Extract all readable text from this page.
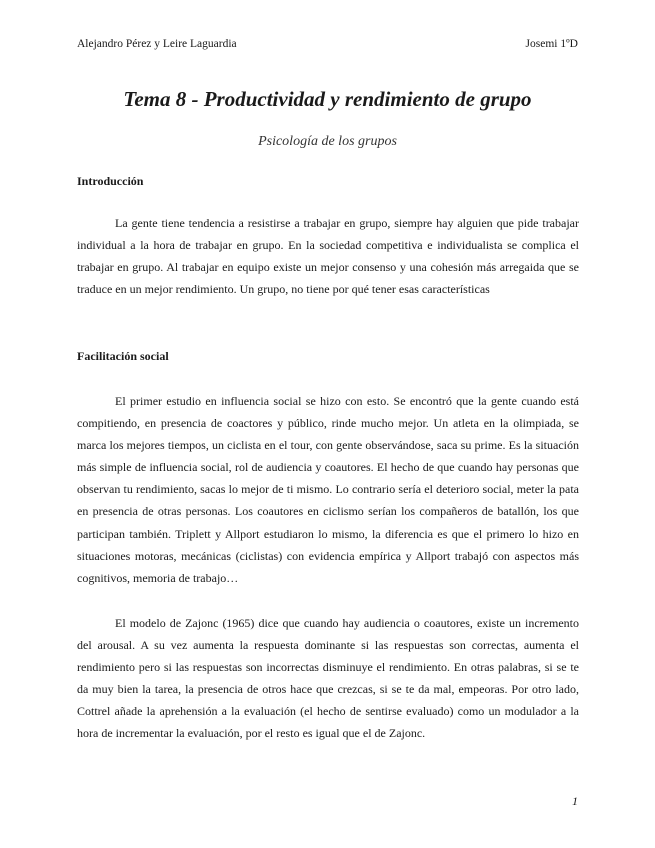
Alejandro Pérez y Leire Laguardia	Josemi 1ºD
Tema 8 - Productividad y rendimiento de grupo
Psicología de los grupos
Introducción
La gente tiene tendencia a resistirse a trabajar en grupo, siempre hay alguien que pide trabajar individual a la hora de trabajar en grupo. En la sociedad competitiva e individualista se complica el trabajar en grupo. Al trabajar en equipo existe un mejor consenso y una cohesión más arregaida que se traduce en un mejor rendimiento. Un grupo, no tiene por qué tener esas características
Facilitación social
El primer estudio en influencia social se hizo con esto. Se encontró que la gente cuando está compitiendo, en presencia de coactores y público, rinde mucho mejor. Un atleta en la olimpiada, se marca los mejores tiempos, un ciclista en el tour, con gente observándose, saca su prime. Es la situación más simple de influencia social, rol de audiencia y coautores. El hecho de que cuando hay personas que observan tu rendimiento, sacas lo mejor de ti mismo. Lo contrario sería el deterioro social, meter la pata en presencia de otras personas. Los coautores en ciclismo serían los compañeros de batallón, los que participan también. Triplett y Allport estudiaron lo mismo, la diferencia es que el primero lo hizo en situaciones motoras, mecánicas (ciclistas) con evidencia empírica y Allport trabajó con aspectos más cognitivos, memoria de trabajo…
El modelo de Zajonc (1965) dice que cuando hay audiencia o coautores, existe un incremento del arousal. A su vez aumenta la respuesta dominante si las respuestas son correctas, aumenta el rendimiento pero si las respuestas son incorrectas disminuye el rendimiento. En otras palabras, si se te da muy bien la tarea, la presencia de otros hace que crezcas, si se te da mal, empeoras. Por otro lado, Cottrel añade la aprehensión a la evaluación (el hecho de sentirse evaluado) como un modulador a la hora de incrementar la evaluación, por el resto es igual que el de Zajonc.
1
